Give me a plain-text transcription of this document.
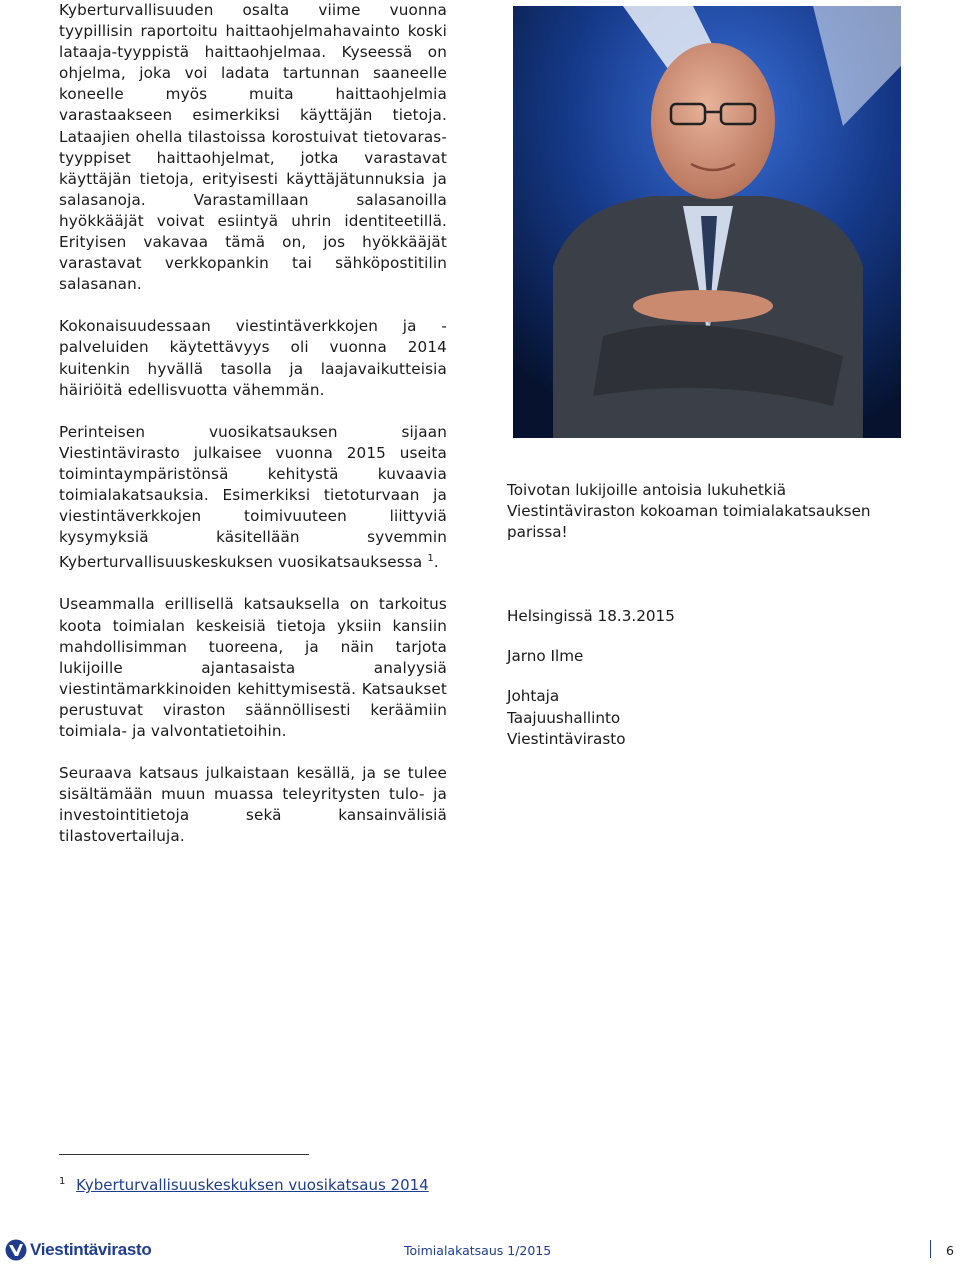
Kyberturvallisuuden osalta viime vuonna tyypillisin raportoitu haittaohjelmahavainto koski lataaja-tyyppistä haittaohjelmaa. Kyseessä on ohjelma, joka voi ladata tartunnan saaneelle koneelle myös muita haittaohjelmia varastaakseen esimerkiksi käyttäjän tietoja. Lataajien ohella tilastoissa korostuivat tietovaras-tyyppiset haittaohjelmat, jotka varastavat käyttäjän tietoja, erityisesti käyttäjätunnuksia ja salasanoja. Varastamillaan salasanoilla hyökkääjät voivat esiintyä uhrin identiteetillä. Erityisen vakavaa tämä on, jos hyökkääjät varastavat verkkopankin tai sähköpostitilin salasanan.

Kokonaisuudessaan viestintäverkkojen ja -palveluiden käytettävyys oli vuonna 2014 kuitenkin hyvällä tasolla ja laajavaikutteisia häiriöitä edellisvuotta vähemmän.

Perinteisen vuosikatsauksen sijaan Viestintävirasto julkaisee vuonna 2015 useita toimintaympäristönsä kehitystä kuvaavia toimialakatsauksia. Esimerkiksi tietoturvaan ja viestintäverkkojen toimivuuteen liittyviä kysymyksiä käsitellään syvemmin Kyberturvallisuuskeskuksen vuosikatsauksessa $^1$.

Useammalla erillisellä katsauksella on tarkoitus koota toimialan keskeisiä tietoja yksiin kansiin mahdollisimman tuoreena, ja näin tarjota lukijoille ajantasaista analyysiä viestintämarkkinoiden kehittymisestä. Katsaukset perustuvat viraston säännöllisesti keräämiin toimiala- ja valvontatietoihin.

Seuraava katsaus julkaistaan kesällä, ja se tulee sisältämään muun muassa teleyritysten tulo- ja investointitietoja sekä kansainvälisiä tilastovertailuja.

Toivotan lukijoille antoisia lukuhetkiä Viestintäviraston kokoaman toimialakatsauksen parissa!

Helsingissä 18.3.2015

Jarno Ilme

Johtaja

Taajuushallinto

Viestintävirasto

$^1$ Kyberturvallisuuskeskuksen vuosikatsaus 2014
Viestintävirasto	Toimialakatsaus 1/2015	6
